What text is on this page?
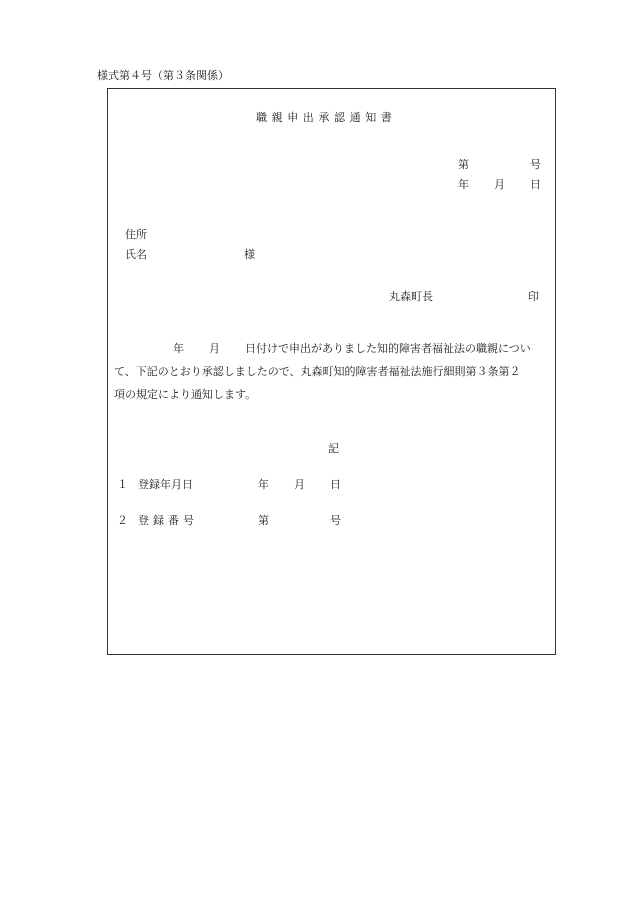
様式第４号（第３条関係）
職親申出承認通知書
第	号
年 月 日
住所
氏名	様
丸森町長	印
年 月 日付けで申出がありました知的障害者福祉法の職親につい
て、下記のとおり承認しましたので、丸森町知的障害者福祉法施行細則第３条第２
項の規定により通知します。
記
１ 登録年月日	年 月 日
２ 登録番号	第	号
